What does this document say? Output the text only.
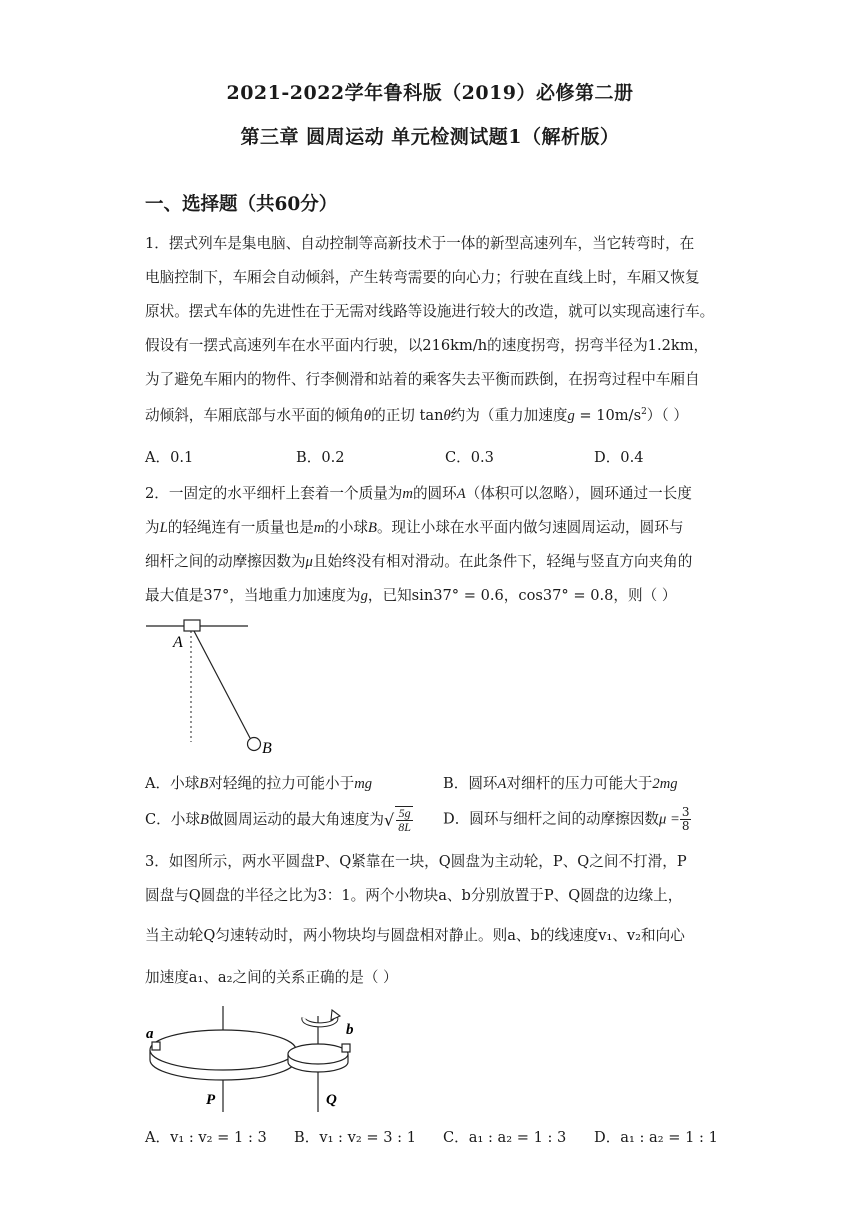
2021-2022学年鲁科版（2019）必修第二册
第三章 圆周运动 单元检测试题1（解析版）
一、选择题（共60分）
1．摆式列车是集电脑、自动控制等高新技术于一体的新型高速列车，当它转弯时，在
电脑控制下，车厢会自动倾斜，产生转弯需要的向心力；行驶在直线上时，车厢又恢复
原状。摆式车体的先进性在于无需对线路等设施进行较大的改造，就可以实现高速行车。
假设有一摆式高速列车在水平面内行驶，以216km/h的速度拐弯，拐弯半径为1.2km，
为了避免车厢内的物件、行李侧滑和站着的乘客失去平衡而跌倒，在拐弯过程中车厢自
动倾斜，车厢底部与水平面的倾角θ的正切 tanθ约为（重力加速度$g = 10m/s^2$）（ ）
A．0.1	B．0.2	C．0.3	D．0.4
2．一固定的水平细杆上套着一个质量为m的圆环A（体积可以忽略），圆环通过一长度
为L的轻绳连有一质量也是m的小球B。现让小球在水平面内做匀速圆周运动，圆环与
细杆之间的动摩擦因数为μ且始终没有相对滑动。在此条件下，轻绳与竖直方向夹角的
最大值是37°，当地重力加速度为g，已知sin37° = 0.6，cos37° = 0.8，则（ ）
A
B
A．小球B对轻绳的拉力可能小于mg	B．圆环A对细杆的压力可能大于2mg
C．小球B做圆周运动的最大角速度为√ $\frac{5g}{8L}$ D．圆环与细杆之间的动摩擦因数$\mu = \frac{3}{8}$
3．如图所示，两水平圆盘P、Q紧靠在一块，Q圆盘为主动轮，P、Q之间不打滑，P
圆盘与Q圆盘的半径之比为3：1。两个小物块a、b分别放置于P、Q圆盘的边缘上，
当主动轮Q匀速转动时，两小物块均与圆盘相对静止。则a、b的线速度v₁、v₂和向心
加速度a₁、a₂之间的关系正确的是（ ）
a	b
P	Q
A．v₁ : v₂ = 1 : 3 B．v₁ : v₂ = 3 : 1 C．a₁ : a₂ = 1 : 3 D．a₁ : a₂ = 1 : 1
